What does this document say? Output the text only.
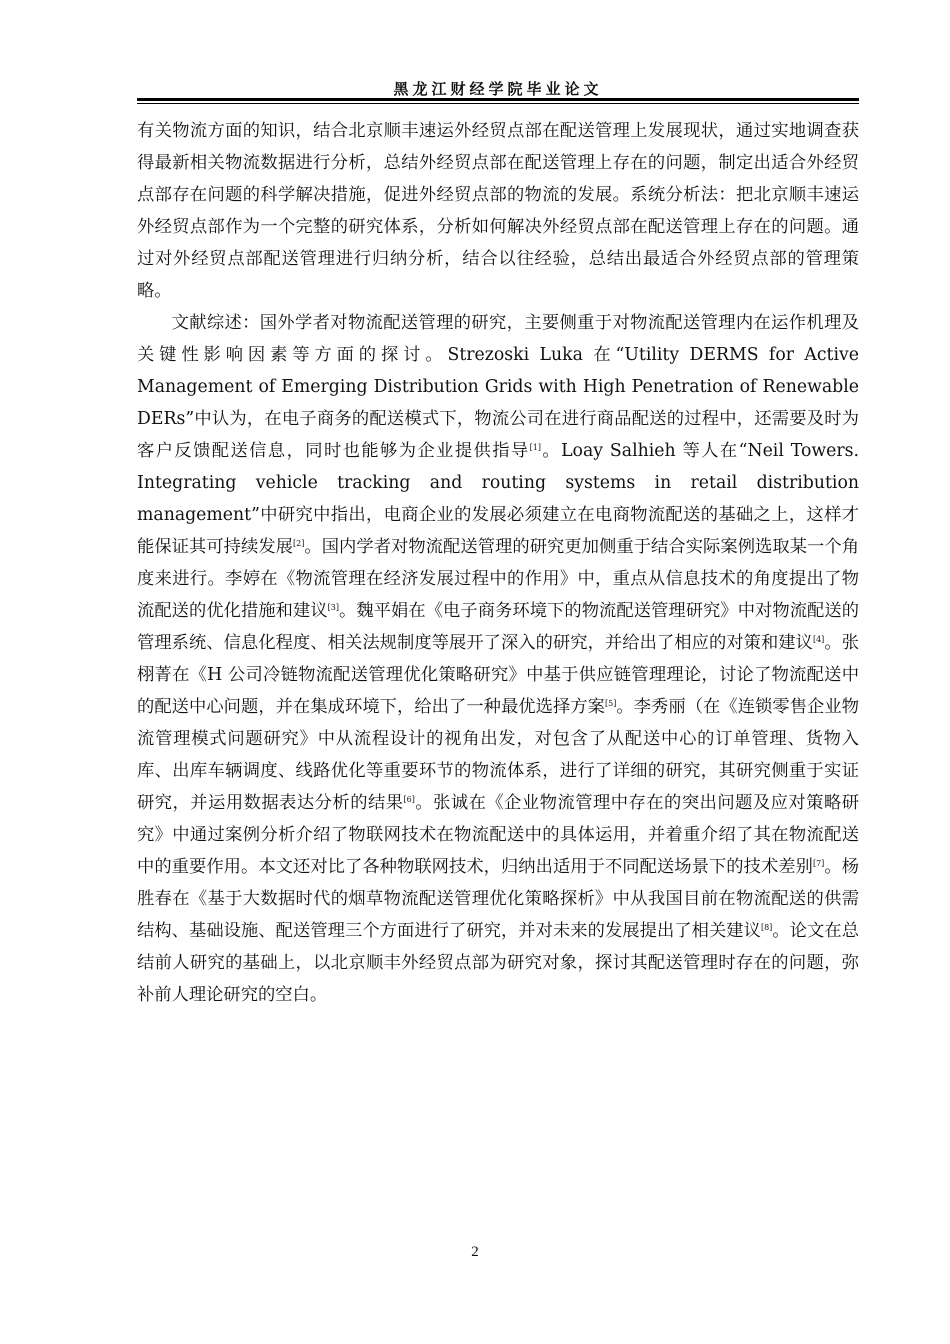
黑龙江财经学院毕业论文

有关物流方面的知识，结合北京顺丰速运外经贸点部在配送管理上发展现状，通过实地调查获得最新相关物流数据进行分析，总结外经贸点部在配送管理上存在的问题，制定出适合外经贸点部存在问题的科学解决措施，促进外经贸点部的物流的发展。系统分析法：把北京顺丰速运外经贸点部作为一个完整的研究体系，分析如何解决外经贸点部在配送管理上存在的问题。通过对外经贸点部配送管理进行归纳分析，结合以往经验，总结出最适合外经贸点部的管理策略。

文献综述：国外学者对物流配送管理的研究，主要侧重于对物流配送管理内在运作机理及关键性影响因素等方面的探讨。Strezoski Luka 在“Utility DERMS for Active Management of Emerging Distribution Grids with High Penetration of Renewable DERs”中认为，在电子商务的配送模式下，物流公司在进行商品配送的过程中，还需要及时为客户反馈配送信息，同时也能够为企业提供指导[1]。Loay Salhieh 等人在“Neil Towers. Integrating vehicle tracking and routing systems in retail distribution management”中研究中指出，电商企业的发展必须建立在电商物流配送的基础之上，这样才能保证其可持续发展[2]。国内学者对物流配送管理的研究更加侧重于结合实际案例选取某一个角度来进行。李婷在《物流管理在经济发展过程中的作用》中，重点从信息技术的角度提出了物流配送的优化措施和建议[3]。魏平娟在《电子商务环境下的物流配送管理研究》中对物流配送的管理系统、信息化程度、相关法规制度等展开了深入的研究，并给出了相应的对策和建议[4]。张栩菁在《H 公司冷链物流配送管理优化策略研究》中基于供应链管理理论，讨论了物流配送中的配送中心问题，并在集成环境下，给出了一种最优选择方案[5]。李秀丽（在《连锁零售企业物流管理模式问题研究》中从流程设计的视角出发，对包含了从配送中心的订单管理、货物入库、出库车辆调度、线路优化等重要环节的物流体系，进行了详细的研究，其研究侧重于实证研究，并运用数据表达分析的结果[6]。张诚在《企业物流管理中存在的突出问题及应对策略研究》中通过案例分析介绍了物联网技术在物流配送中的具体运用，并着重介绍了其在物流配送中的重要作用。本文还对比了各种物联网技术，归纳出适用于不同配送场景下的技术差别[7]。杨胜春在《基于大数据时代的烟草物流配送管理优化策略探析》中从我国目前在物流配送的供需结构、基础设施、配送管理三个方面进行了研究，并对未来的发展提出了相关建议[8]。论文在总结前人研究的基础上，以北京顺丰外经贸点部为研究对象，探讨其配送管理时存在的问题，弥补前人理论研究的空白。

2
